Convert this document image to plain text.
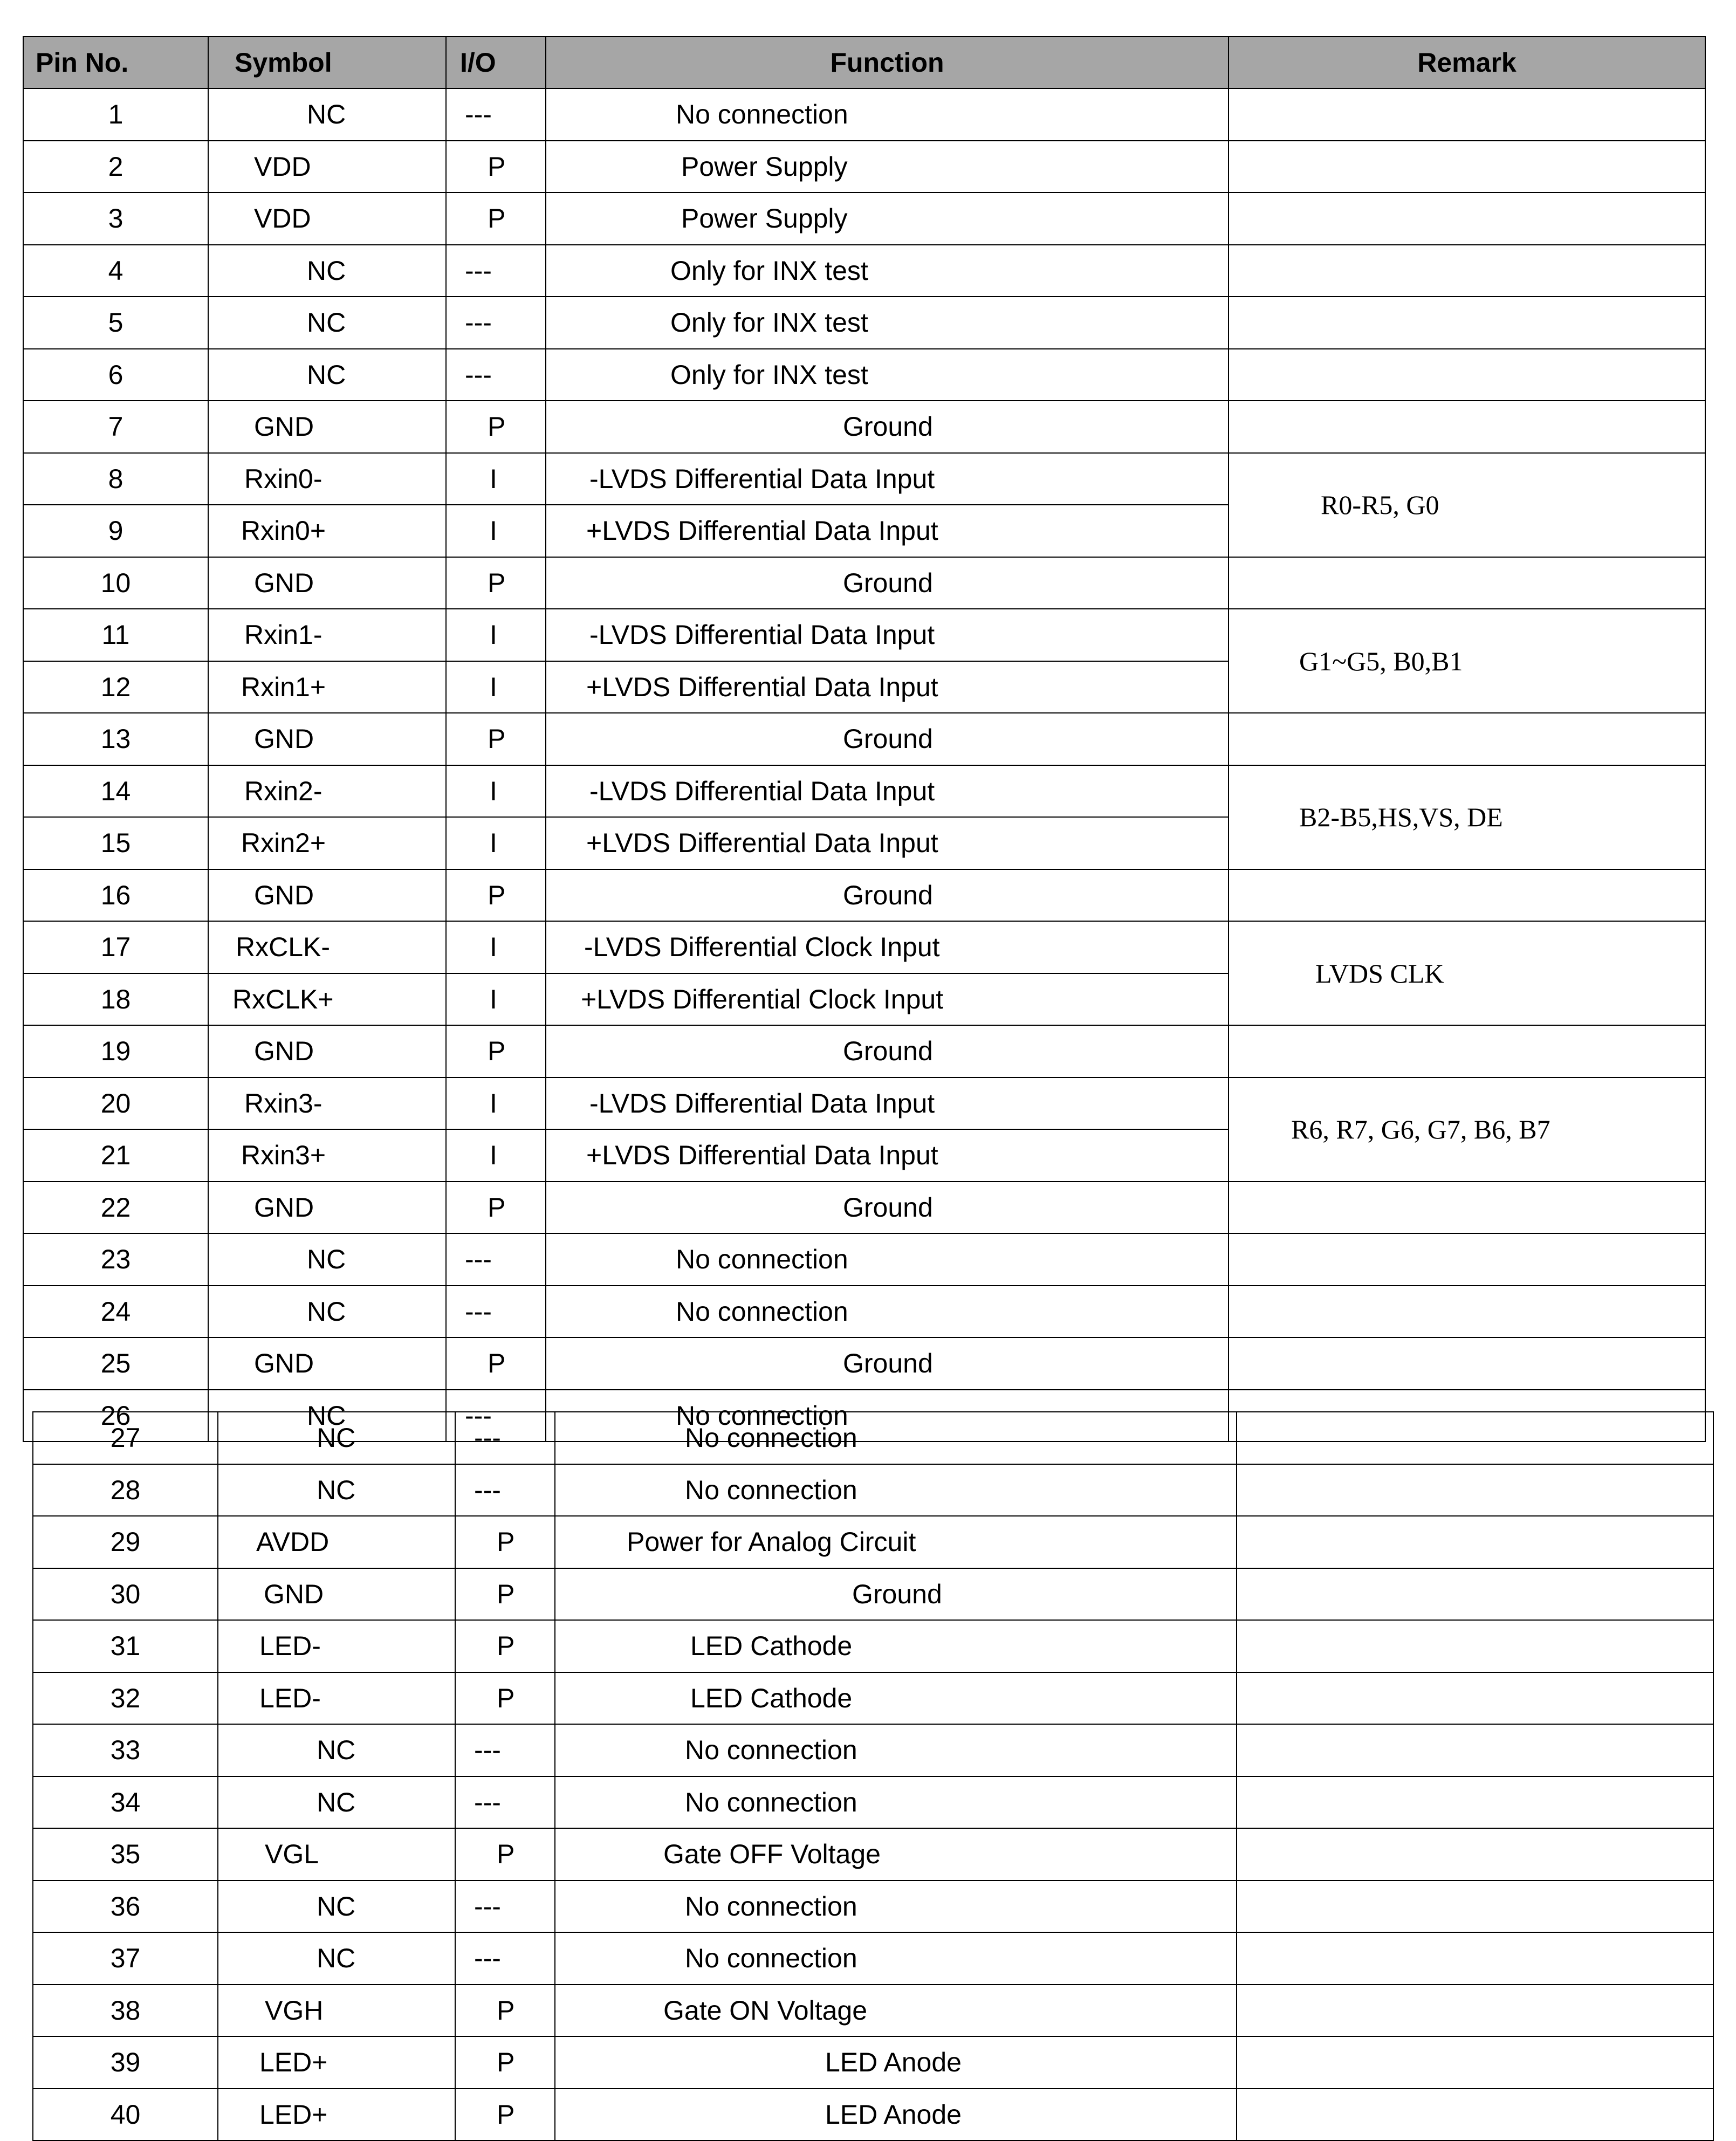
Pin No.	Symbol	I/O	Function	Remark
1	NC	---	No connection	
2	VDD	P	Power Supply	
3	VDD	P	Power Supply	
4	NC	---	Only for INX test	
5	NC	---	Only for INX test	
6	NC	---	Only for INX test	
7	GND	P	Ground	
8	Rxin0-	I	-LVDS Differential Data Input	R0-R5, G0
9	Rxin0+	I	+LVDS Differential Data Input	
10	GND	P	Ground	
11	Rxin1-	I	-LVDS Differential Data Input	G1~G5, B0,B1
12	Rxin1+	I	+LVDS Differential Data Input	
13	GND	P	Ground	
14	Rxin2-	I	-LVDS Differential Data Input	B2-B5,HS,VS, DE
15	Rxin2+	I	+LVDS Differential Data Input	
16	GND	P	Ground	
17	RxCLK-	I	-LVDS Differential Clock Input	LVDS CLK
18	RxCLK+	I	+LVDS Differential Clock Input	
19	GND	P	Ground	
20	Rxin3-	I	-LVDS Differential Data Input	R6, R7, G6, G7, B6, B7
21	Rxin3+	I	+LVDS Differential Data Input	
22	GND	P	Ground	
23	NC	---	No connection	
24	NC	---	No connection	
25	GND	P	Ground	
26	NC	---	No connection	
27	NC	---	No connection	
28	NC	---	No connection	
29	AVDD	P	Power for Analog Circuit	
30	GND	P	Ground	
31	LED-	P	LED Cathode	
32	LED-	P	LED Cathode	
33	NC	---	No connection	
34	NC	---	No connection	
35	VGL	P	Gate OFF Voltage	
36	NC	---	No connection	
37	NC	---	No connection	
38	VGH	P	Gate ON Voltage	
39	LED+	P	LED Anode	
40	LED+	P	LED Anode	
